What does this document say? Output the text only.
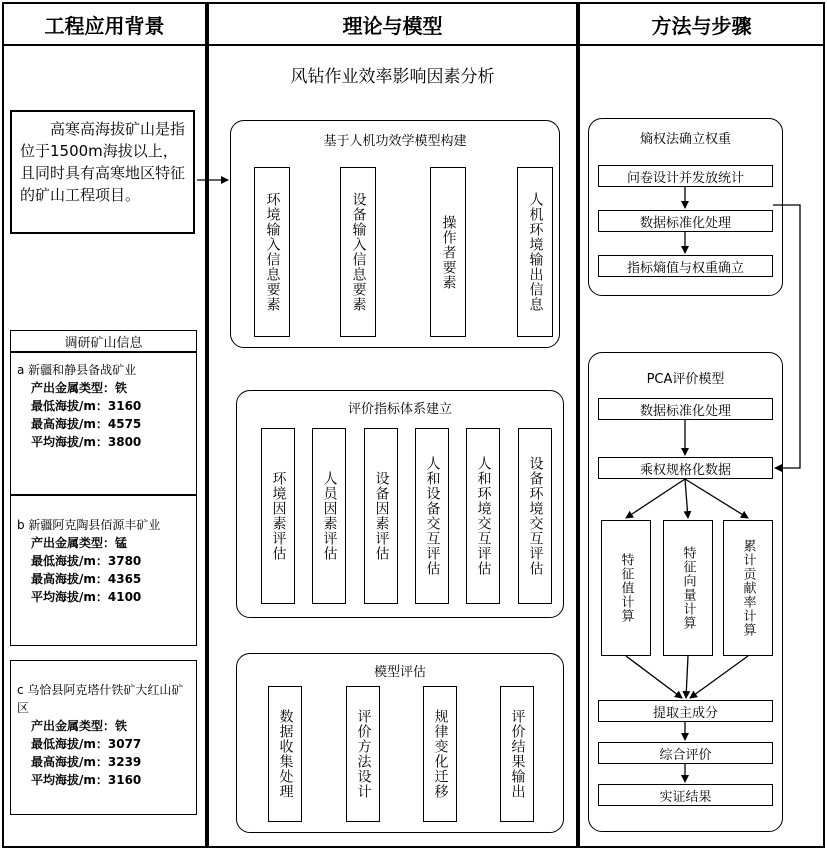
工程应用背景	理论与模型	方法与步骤
高寒高海拔矿山是指位于1500m海拔以上，且同时具有高寒地区特征的矿山工程项目。
调研矿山信息
a 新疆和静县备战矿业
产出金属类型：铁
最低海拔/m：3160
最高海拔/m：4575
平均海拔/m：3800
b 新疆阿克陶县佰源丰矿业
产出金属类型：锰
最低海拔/m：3780
最高海拔/m：4365
平均海拔/m：4100
c 乌恰县阿克塔什铁矿大红山矿区
产出金属类型：铁
最低海拔/m：3077
最高海拔/m：3239
平均海拔/m：3160
风钻作业效率影响因素分析
基于人机功效学模型构建
环境输入信息要素	设备输入信息要素	操作者要素	人机环境输出信息
评价指标体系建立
环境因素评估	人员因素评估	设备因素评估	人和设备交互评估	人和环境交互评估	设备环境交互评估
模型评估
数据收集处理	评价方法设计	规律变化迁移	评价结果输出
熵权法确立权重
问卷设计并发放统计
数据标准化处理
指标熵值与权重确立
PCA评价模型
数据标准化处理
乘权规格化数据
特征值计算	特征向量计算	累计贡献率计算
提取主成分
综合评价
实证结果
